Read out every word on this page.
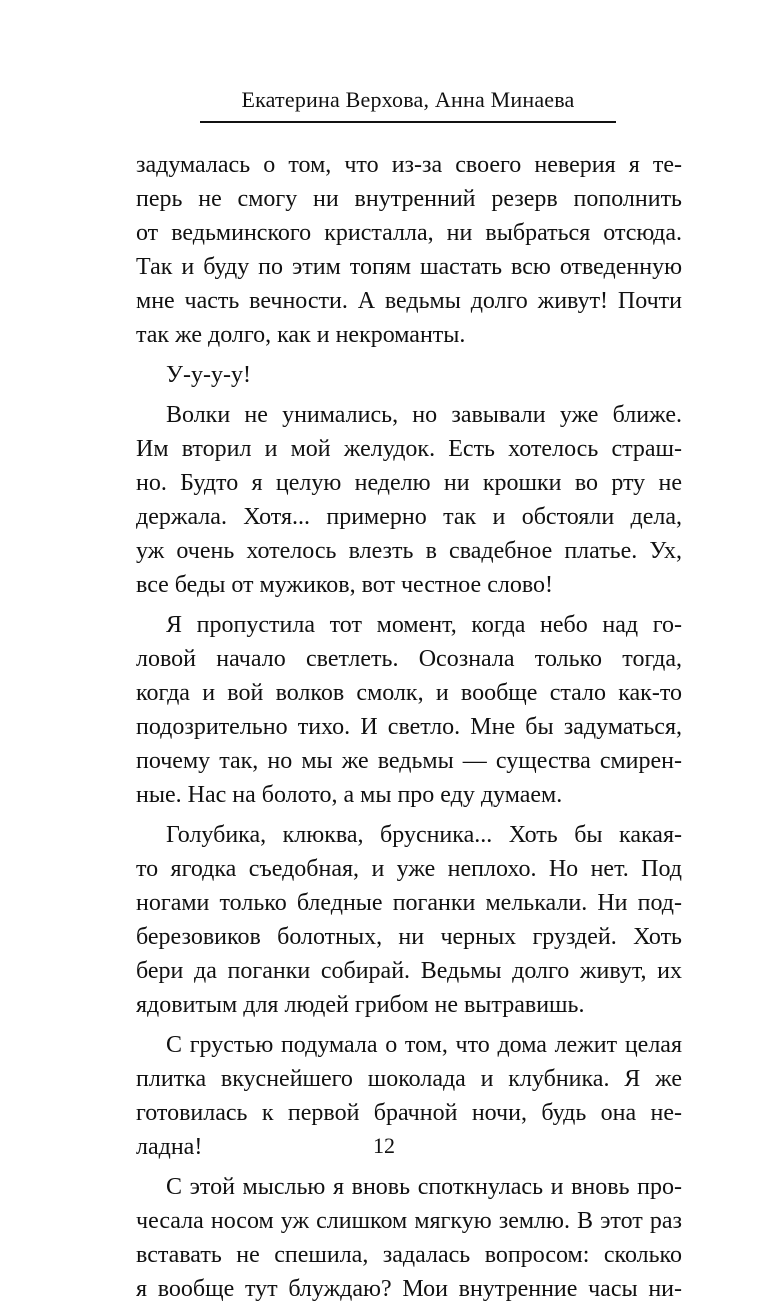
Екатерина Верхова, Анна Минаева
задумалась о том, что из-за своего неверия я те-
перь не смогу ни внутренний резерв пополнить
от ведьминского кристалла, ни выбраться отсюда.
Так и буду по этим топям шастать всю отведенную
мне часть вечности. А ведьмы долго живут! Почти
так же долго, как и некроманты.
У-у-у-у!
Волки не унимались, но завывали уже ближе.
Им вторил и мой желудок. Есть хотелось страш-
но. Будто я целую неделю ни крошки во рту не
держала. Хотя... примерно так и обстояли дела,
уж очень хотелось влезть в свадебное платье. Ух,
все беды от мужиков, вот честное слово!
Я пропустила тот момент, когда небо над го-
ловой начало светлеть. Осознала только тогда,
когда и вой волков смолк, и вообще стало как-то
подозрительно тихо. И светло. Мне бы задуматься,
почему так, но мы же ведьмы — существа смирен-
ные. Нас на болото, а мы про еду думаем.
Голубика, клюква, брусника... Хоть бы какая-
то ягодка съедобная, и уже неплохо. Но нет. Под
ногами только бледные поганки мелькали. Ни под-
березовиков болотных, ни черных груздей. Хоть
бери да поганки собирай. Ведьмы долго живут, их
ядовитым для людей грибом не вытравишь.
С грустью подумала о том, что дома лежит целая
плитка вкуснейшего шоколада и клубника. Я же
готовилась к первой брачной ночи, будь она не-
ладна!
С этой мыслью я вновь споткнулась и вновь про-
чесала носом уж слишком мягкую землю. В этот раз
вставать не спешила, задалась вопросом: сколько
я вообще тут блуждаю? Мои внутренние часы ни-
12
